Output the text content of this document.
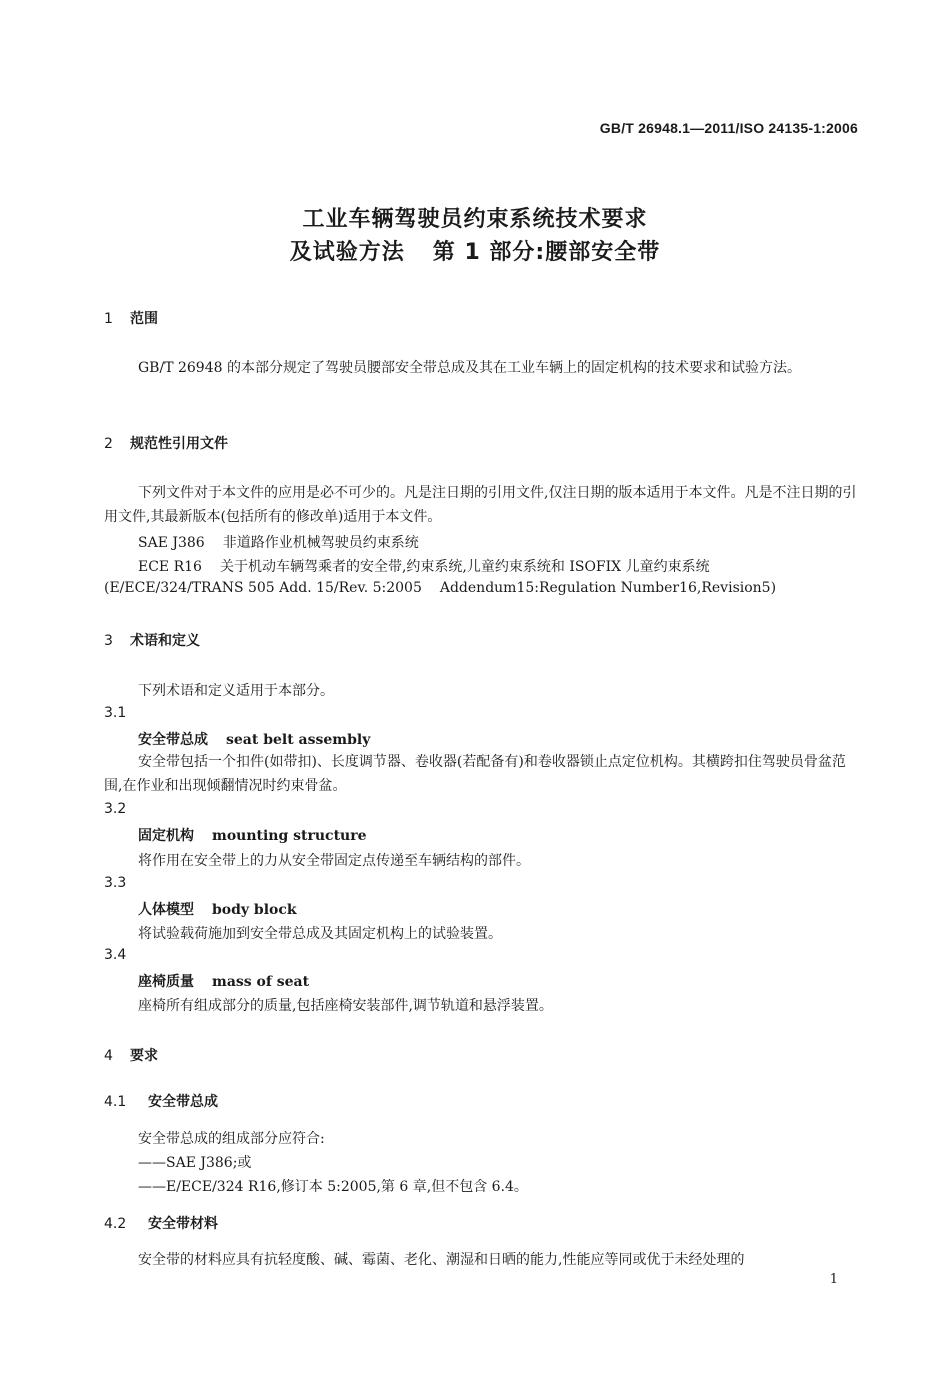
GB/T 26948.1—2011/ISO 24135-1:2006
工业车辆驾驶员约束系统技术要求
及试验方法 第 1 部分:腰部安全带
1 范围
GB/T 26948 的本部分规定了驾驶员腰部安全带总成及其在工业车辆上的固定机构的技术要求和试验方法。
2 规范性引用文件
下列文件对于本文件的应用是必不可少的。凡是注日期的引用文件,仅注日期的版本适用于本文件。凡是不注日期的引用文件,其最新版本(包括所有的修改单)适用于本文件。
SAE J386 非道路作业机械驾驶员约束系统
ECE R16 关于机动车辆驾乘者的安全带,约束系统,儿童约束系统和 ISOFIX 儿童约束系统
(E/ECE/324/TRANS 505 Add. 15/Rev. 5:2005 Addendum15:Regulation Number16,Revision5)
3 术语和定义
下列术语和定义适用于本部分。
3.1
安全带总成 seat belt assembly
安全带包括一个扣件(如带扣)、长度调节器、卷收器(若配备有)和卷收器锁止点定位机构。其横跨扣住驾驶员骨盆范围,在作业和出现倾翻情况时约束骨盆。
3.2
固定机构 mounting structure
将作用在安全带上的力从安全带固定点传递至车辆结构的部件。
3.3
人体模型 body block
将试验载荷施加到安全带总成及其固定机构上的试验装置。
3.4
座椅质量 mass of seat
座椅所有组成部分的质量,包括座椅安装部件,调节轨道和悬浮装置。
4 要求
4.1 安全带总成
安全带总成的组成部分应符合:
——SAE J386;或
——E/ECE/324 R16,修订本 5:2005,第 6 章,但不包含 6.4。
4.2 安全带材料
安全带的材料应具有抗轻度酸、碱、霉菌、老化、潮湿和日晒的能力,性能应等同或优于未经处理的
1
